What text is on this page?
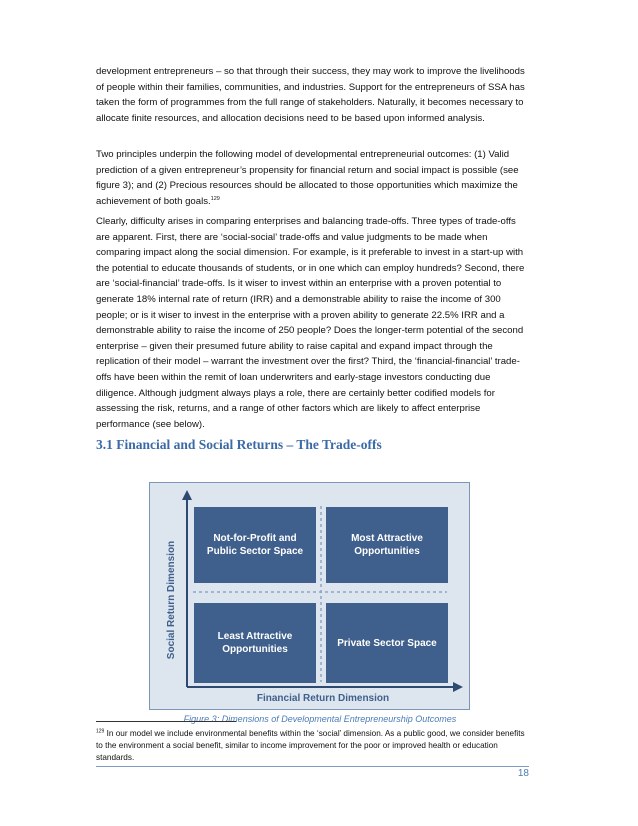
development entrepreneurs – so that through their success, they may work to improve the livelihoods of people within their families, communities, and industries. Support for the entrepreneurs of SSA has taken the form of programmes from the full range of stakeholders. Naturally, it becomes necessary to allocate finite resources, and allocation decisions need to be based upon informed analysis.

Two principles underpin the following model of developmental entrepreneurial outcomes: (1) Valid prediction of a given entrepreneur’s propensity for financial return and social impact is possible (see figure 3); and (2) Precious resources should be allocated to those opportunities which maximize the achievement of both goals.$^{129}$

Clearly, difficulty arises in comparing enterprises and balancing trade-offs. Three types of trade-offs are apparent. First, there are ‘social-social’ trade-offs and value judgments to be made when comparing impact along the social dimension. For example, is it preferable to invest in a start-up with the potential to educate thousands of students, or in one which can employ hundreds? Second, there are ‘social-financial’ trade-offs. Is it wiser to invest within an enterprise with a proven potential to generate 18% internal rate of return (IRR) and a demonstrable ability to raise the income of 300 people; or is it wiser to invest in the enterprise with a proven ability to generate 22.5% IRR and a demonstrable ability to raise the income of 250 people? Does the longer-term potential of the second enterprise – given their presumed future ability to raise capital and expand impact through the replication of their model – warrant the investment over the first? Third, the ‘financial-financial’ trade-offs have been within the remit of loan underwriters and early-stage investors conducting due diligence. Although judgment always plays a role, there are certainly better codified models for assessing the risk, returns, and a range of other factors which are likely to affect enterprise performance (see below).

3.1 Financial and Social Returns – The Trade-offs
Not-for-Profit and Public Sector Space
Most Attractive Opportunities
Least Attractive Opportunities
Private Sector Space
Social Return Dimension
Financial Return Dimension
Figure 3: Dimensions of Developmental Entrepreneurship Outcomes

$^{129}$ In our model we include environmental benefits within the ‘social’ dimension. As a public good, we consider benefits to the environment a social benefit, similar to income improvement for the poor or improved health or education standards.

18
